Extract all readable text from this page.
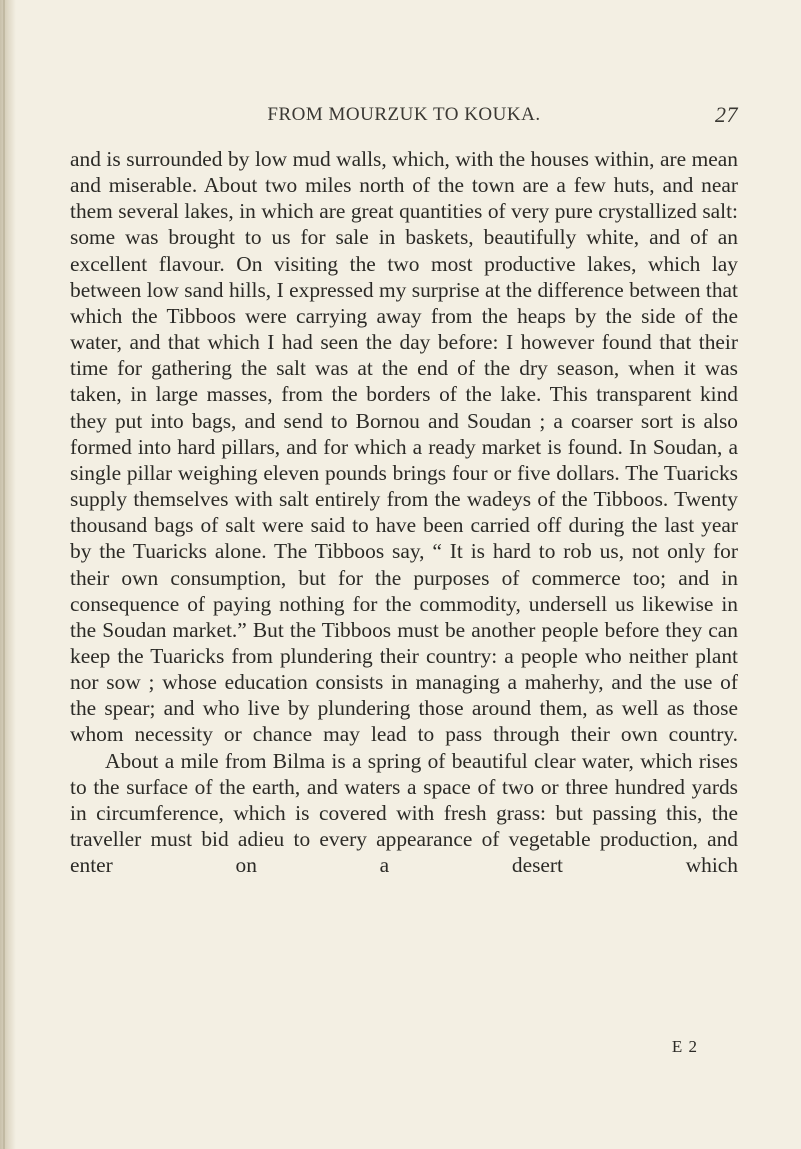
FROM MOURZUK TO KOUKA.	27

and is surrounded by low mud walls, which, with the houses within, are mean and miserable. About two miles north of the town are a few huts, and near them several lakes, in which are great quantities of very pure crystallized salt: some was brought to us for sale in baskets, beautifully white, and of an excellent flavour. On visiting the two most productive lakes, which lay between low sand hills, I expressed my surprise at the difference between that which the Tibboos were carrying away from the heaps by the side of the water, and that which I had seen the day before: I however found that their time for gathering the salt was at the end of the dry season, when it was taken, in large masses, from the borders of the lake. This transparent kind they put into bags, and send to Bornou and Soudan ; a coarser sort is also formed into hard pillars, and for which a ready market is found. In Soudan, a single pillar weighing eleven pounds brings four or five dollars. The Tuaricks supply themselves with salt entirely from the wadeys of the Tibboos. Twenty thousand bags of salt were said to have been carried off during the last year by the Tuaricks alone. The Tibboos say, “ It is hard to rob us, not only for their own consumption, but for the purposes of commerce too; and in consequence of paying nothing for the commodity, undersell us likewise in the Soudan market.” But the Tibboos must be another people before they can keep the Tuaricks from plundering their country: a people who neither plant nor sow ; whose education consists in managing a maherhy, and the use of the spear; and who live by plundering those around them, as well as those whom necessity or chance may lead to pass through their own country.

About a mile from Bilma is a spring of beautiful clear water, which rises to the surface of the earth, and waters a space of two or three hundred yards in circumference, which is covered with fresh grass: but passing this, the traveller must bid adieu to every appearance of vegetable production, and enter on a desert which

E 2
